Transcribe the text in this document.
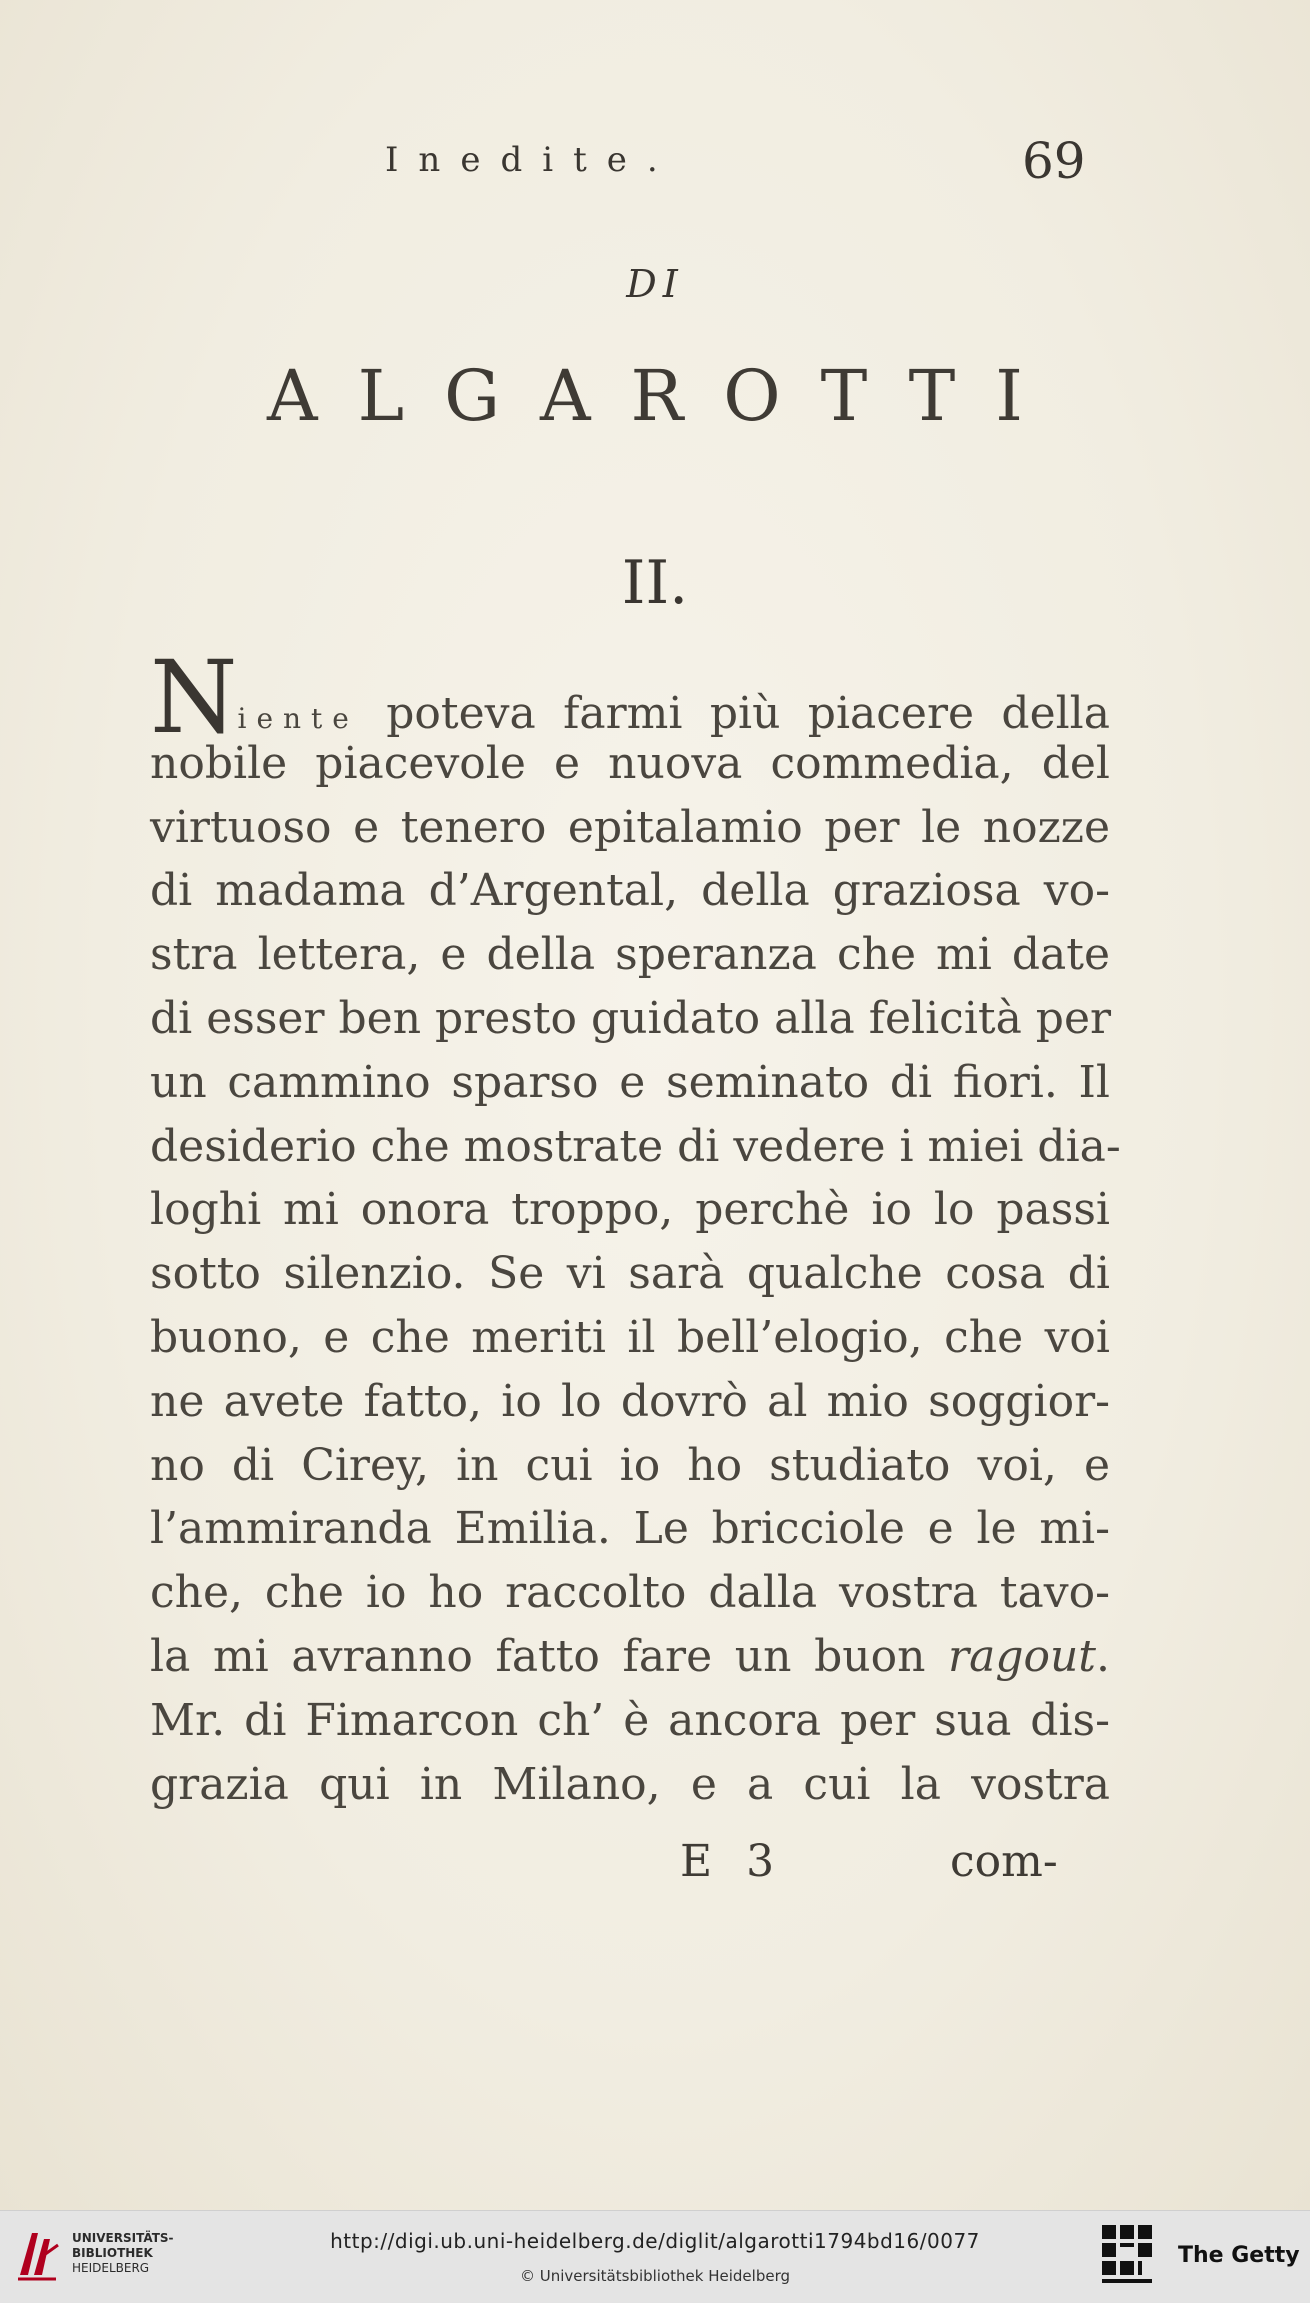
Inedite.	69
DI
ALGAROTTI
II.
Niente poteva farmi più piacere della
nobile piacevole e nuova commedia, del
virtuoso e tenero epitalamio per le nozze
di madama d’Argental, della graziosa vo-
stra lettera, e della speranza che mi date
di esser ben presto guidato alla felicità per
un cammino sparso e seminato di fiori. Il
desiderio che mostrate di vedere i miei dia-
loghi mi onora troppo, perchè io lo passi
sotto silenzio. Se vi sarà qualche cosa di
buono, e che meriti il bell’elogio, che voi
ne avete fatto, io lo dovrò al mio soggior-
no di Cirey, in cui io ho studiato voi, e
l’ammiranda Emilia. Le bricciole e le mi-
che, che io ho raccolto dalla vostra tavo-
la mi avranno fatto fare un buon ragout.
Mr. di Fimarcon ch’ è ancora per sua dis-
grazia qui in Milano, e a cui la vostra
E 3	com-
UNIVERSITÄTS-
BIBLIOTHEK
HEIDELBERG
http://digi.ub.uni-heidelberg.de/diglit/algarotti1794bd16/0077
© Universitätsbibliothek Heidelberg
The Getty
